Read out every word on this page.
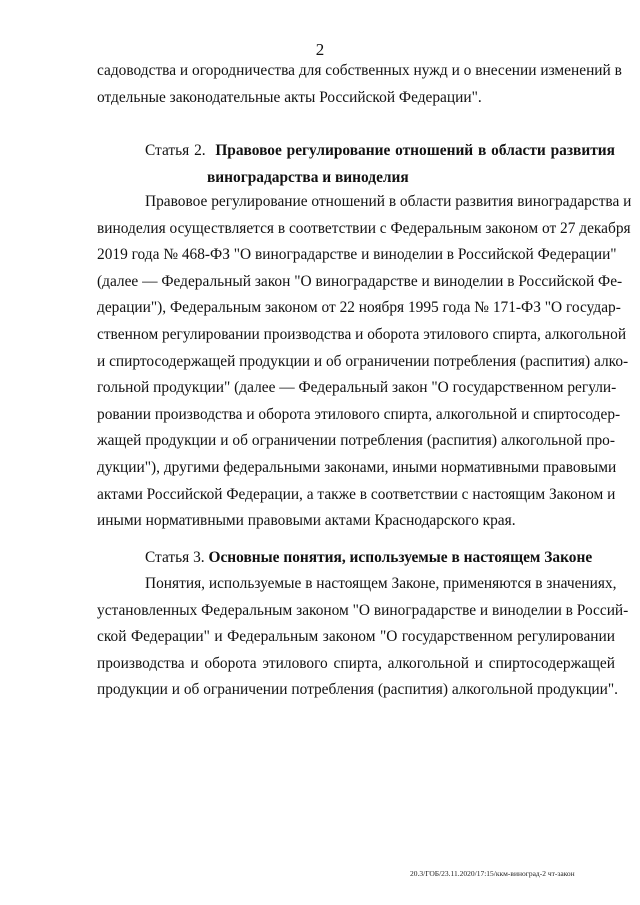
2
садоводства и огородничества для собственных нужд и о внесении изменений в
отдельные законодательные акты Российской Федерации".
Статья 2. Правовое регулирование отношений в области развития
виноградарства и виноделия
Правовое регулирование отношений в области развития виноградарства и
виноделия осуществляется в соответствии с Федеральным законом от 27 декабря
2019 года № 468-ФЗ "О виноградарстве и виноделии в Российской Федерации"
(далее — Федеральный закон "О виноградарстве и виноделии в Российской Фе-
дерации"), Федеральным законом от 22 ноября 1995 года № 171-ФЗ "О государ-
ственном регулировании производства и оборота этилового спирта, алкогольной
и спиртосодержащей продукции и об ограничении потребления (распития) алко-
гольной продукции" (далее — Федеральный закон "О государственном регули-
ровании производства и оборота этилового спирта, алкогольной и спиртосодер-
жащей продукции и об ограничении потребления (распития) алкогольной про-
дукции"), другими федеральными законами, иными нормативными правовыми
актами Российской Федерации, а также в соответствии с настоящим Законом и
иными нормативными правовыми актами Краснодарского края.
Статья 3. Основные понятия, используемые в настоящем Законе
Понятия, используемые в настоящем Законе, применяются в значениях,
установленных Федеральным законом "О виноградарстве и виноделии в Россий-
ской Федерации" и Федеральным законом "О государственном регулировании
производства и оборота этилового спирта, алкогольной и спиртосодержащей
продукции и об ограничении потребления (распития) алкогольной продукции".
20.3/ГОБ/23.11.2020/17:15/ккм-виноград-2 чт-закон
